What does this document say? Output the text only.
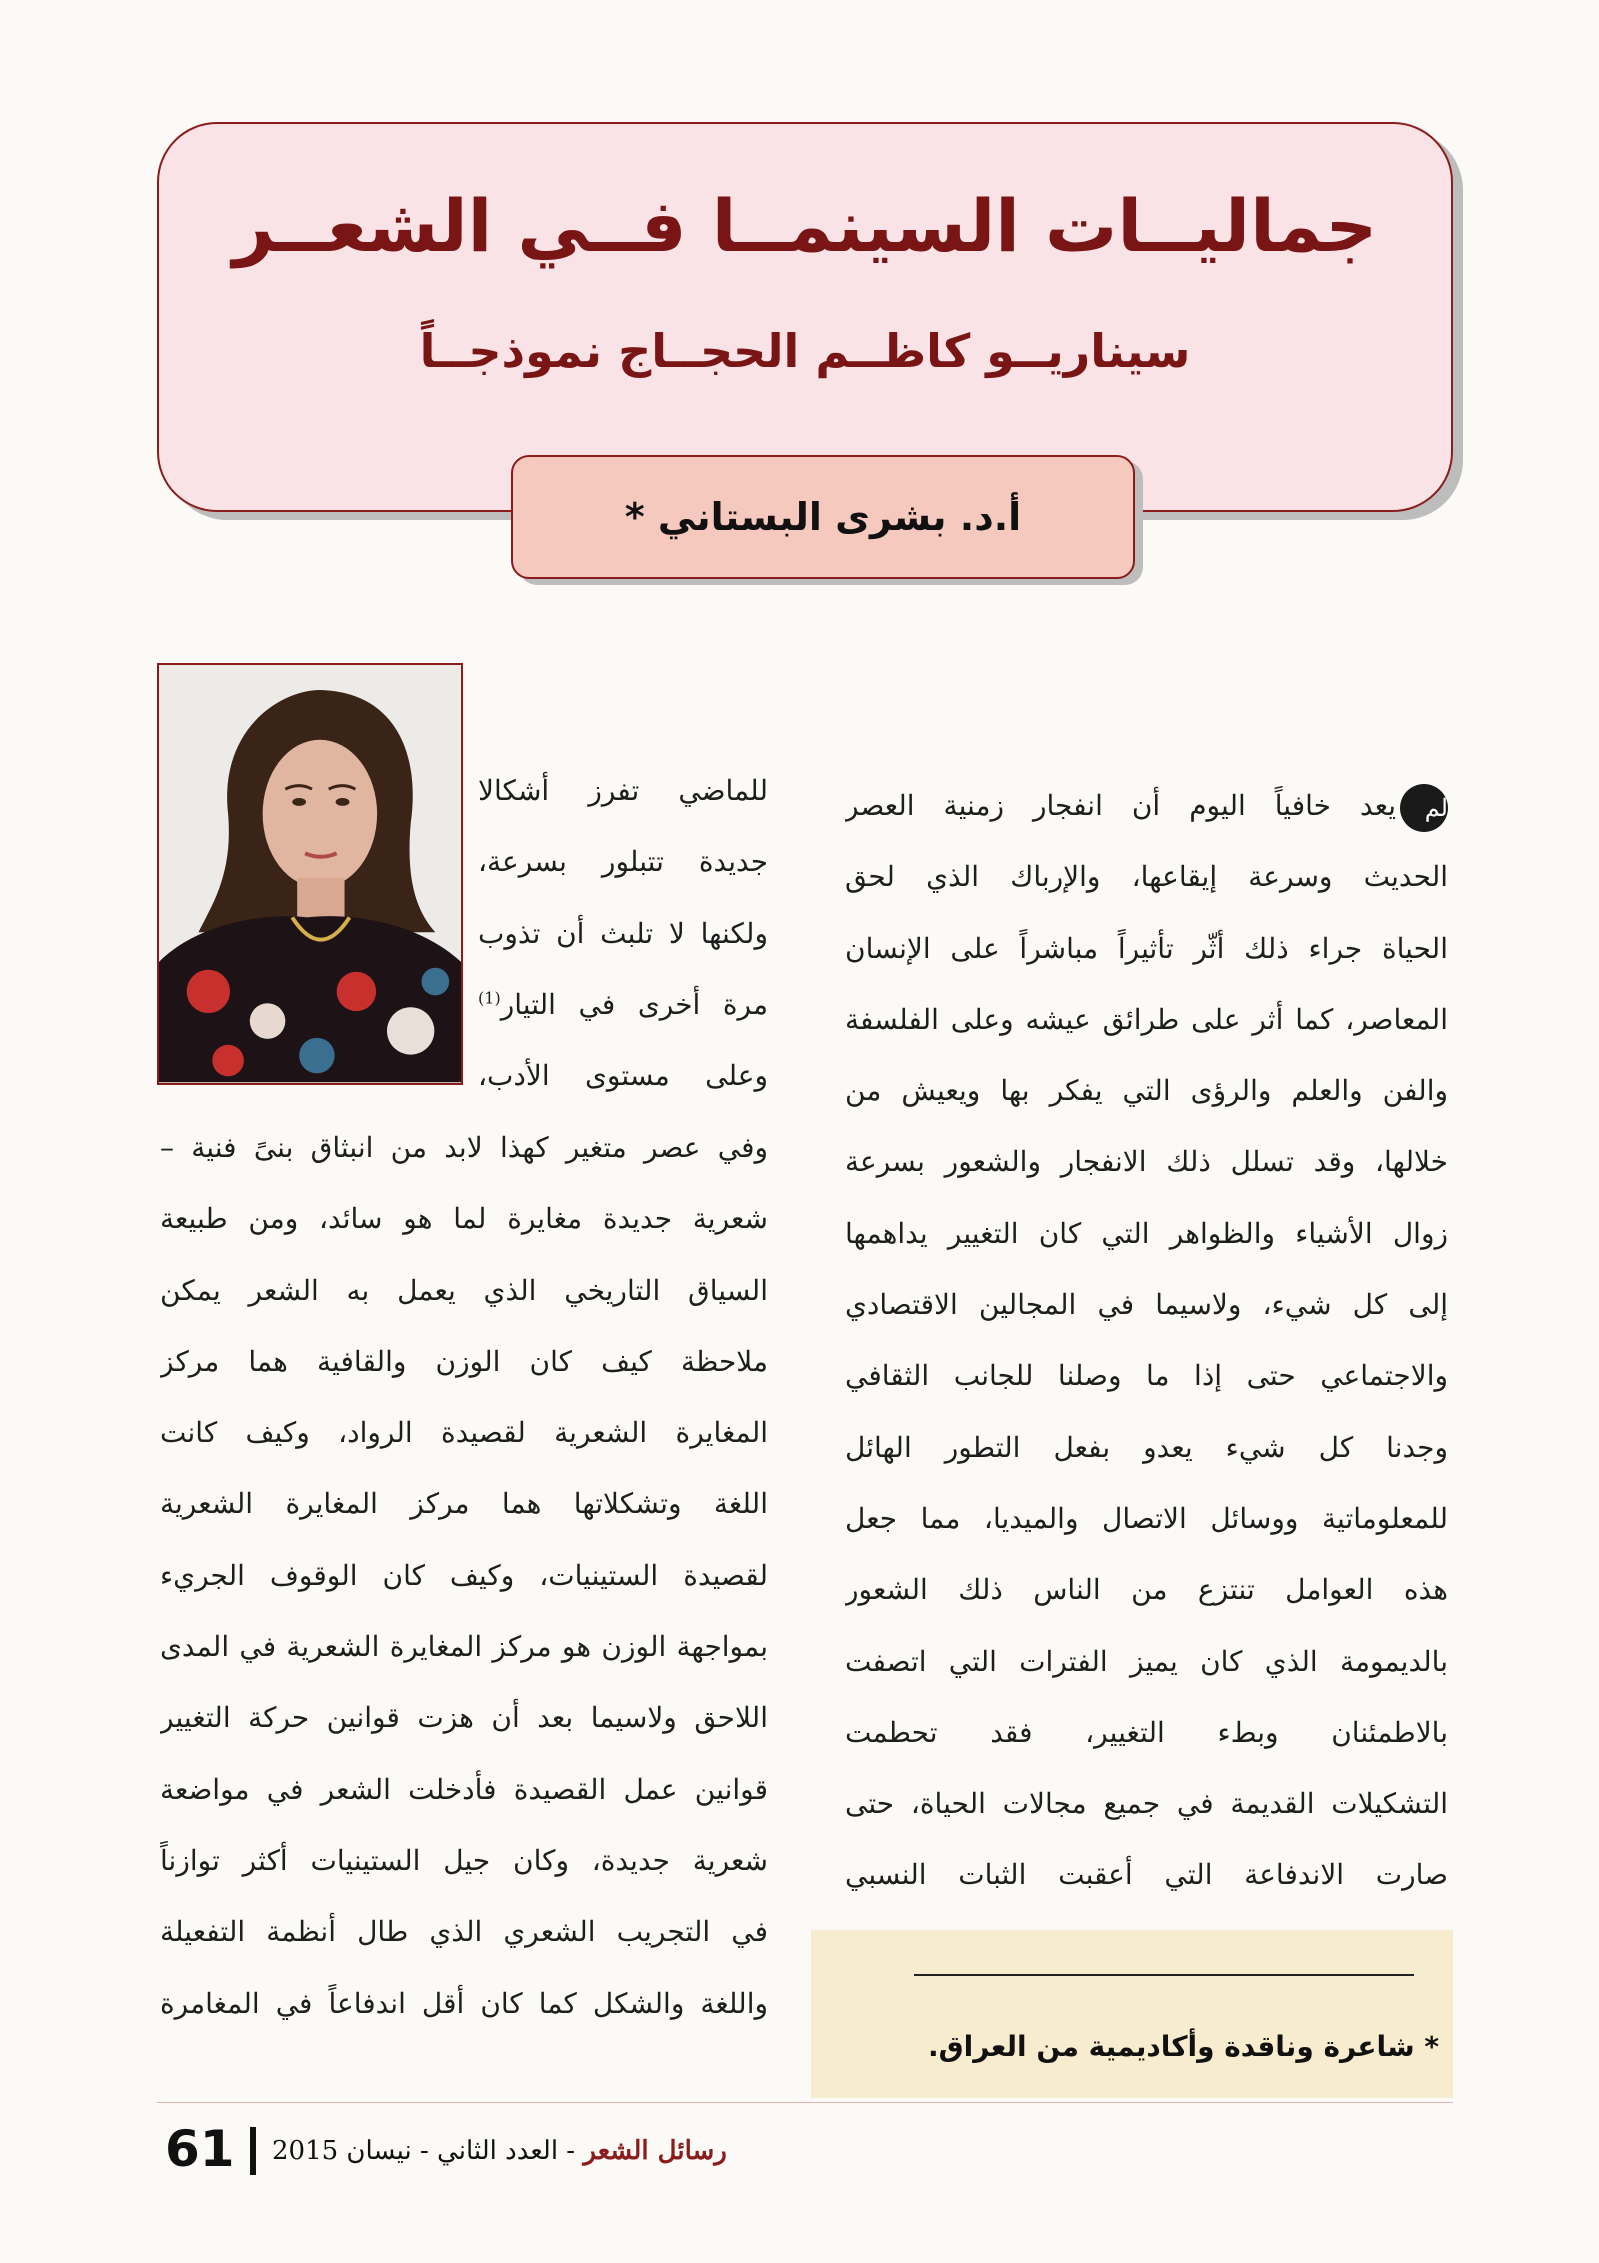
جماليــات السينمــا فــي الشعــر
سيناريــو كاظــم الحجــاج نموذجــاً
أ.د. بشرى البستاني *
لميعد خافياً اليوم أن انفجار زمنية العصر
الحديث وسرعة إيقاعها، والإرباك الذي لحق
الحياة جراء ذلك أثّر تأثيراً مباشراً على الإنسان
المعاصر، كما أثر على طرائق عيشه وعلى الفلسفة
والفن والعلم والرؤى التي يفكر بها ويعيش من
خلالها، وقد تسلل ذلك الانفجار والشعور بسرعة
زوال الأشياء والظواهر التي كان التغيير يداهمها
إلى كل شيء، ولاسيما في المجالين الاقتصادي
والاجتماعي حتى إذا ما وصلنا للجانب الثقافي
وجدنا كل شيء يعدو بفعل التطور الهائل
للمعلوماتية ووسائل الاتصال والميديا، مما جعل
هذه العوامل تنتزع من الناس ذلك الشعور
بالديمومة الذي كان يميز الفترات التي اتصفت
بالاطمئنان وبطء التغيير، فقد تحطمت
التشكيلات القديمة في جميع مجالات الحياة، حتى
صارت الاندفاعة التي أعقبت الثبات النسبي
للماضي تفرز أشكالا
جديدة تتبلور بسرعة،
ولكنها لا تلبث أن تذوب
مرة أخرى في التيار$^{(1)}$
وعلى مستوى الأدب،
وفي عصر متغير كهذا لابد من انبثاق بنىً فنية –
شعرية جديدة مغايرة لما هو سائد، ومن طبيعة
السياق التاريخي الذي يعمل به الشعر يمكن
ملاحظة كيف كان الوزن والقافية هما مركز
المغايرة الشعرية لقصيدة الرواد، وكيف كانت
اللغة وتشكلاتها هما مركز المغايرة الشعرية
لقصيدة الستينيات، وكيف كان الوقوف الجريء
بمواجهة الوزن هو مركز المغايرة الشعرية في المدى
اللاحق ولاسيما بعد أن هزت قوانين حركة التغيير
قوانين عمل القصيدة فأدخلت الشعر في مواضعة
شعرية جديدة، وكان جيل الستينيات أكثر توازناً
في التجريب الشعري الذي طال أنظمة التفعيلة
واللغة والشكل كما كان أقل اندفاعاً في المغامرة
* شاعرة وناقدة وأكاديمية من العراق.
61	رسائل الشعر - العدد الثاني - نيسان 2015
